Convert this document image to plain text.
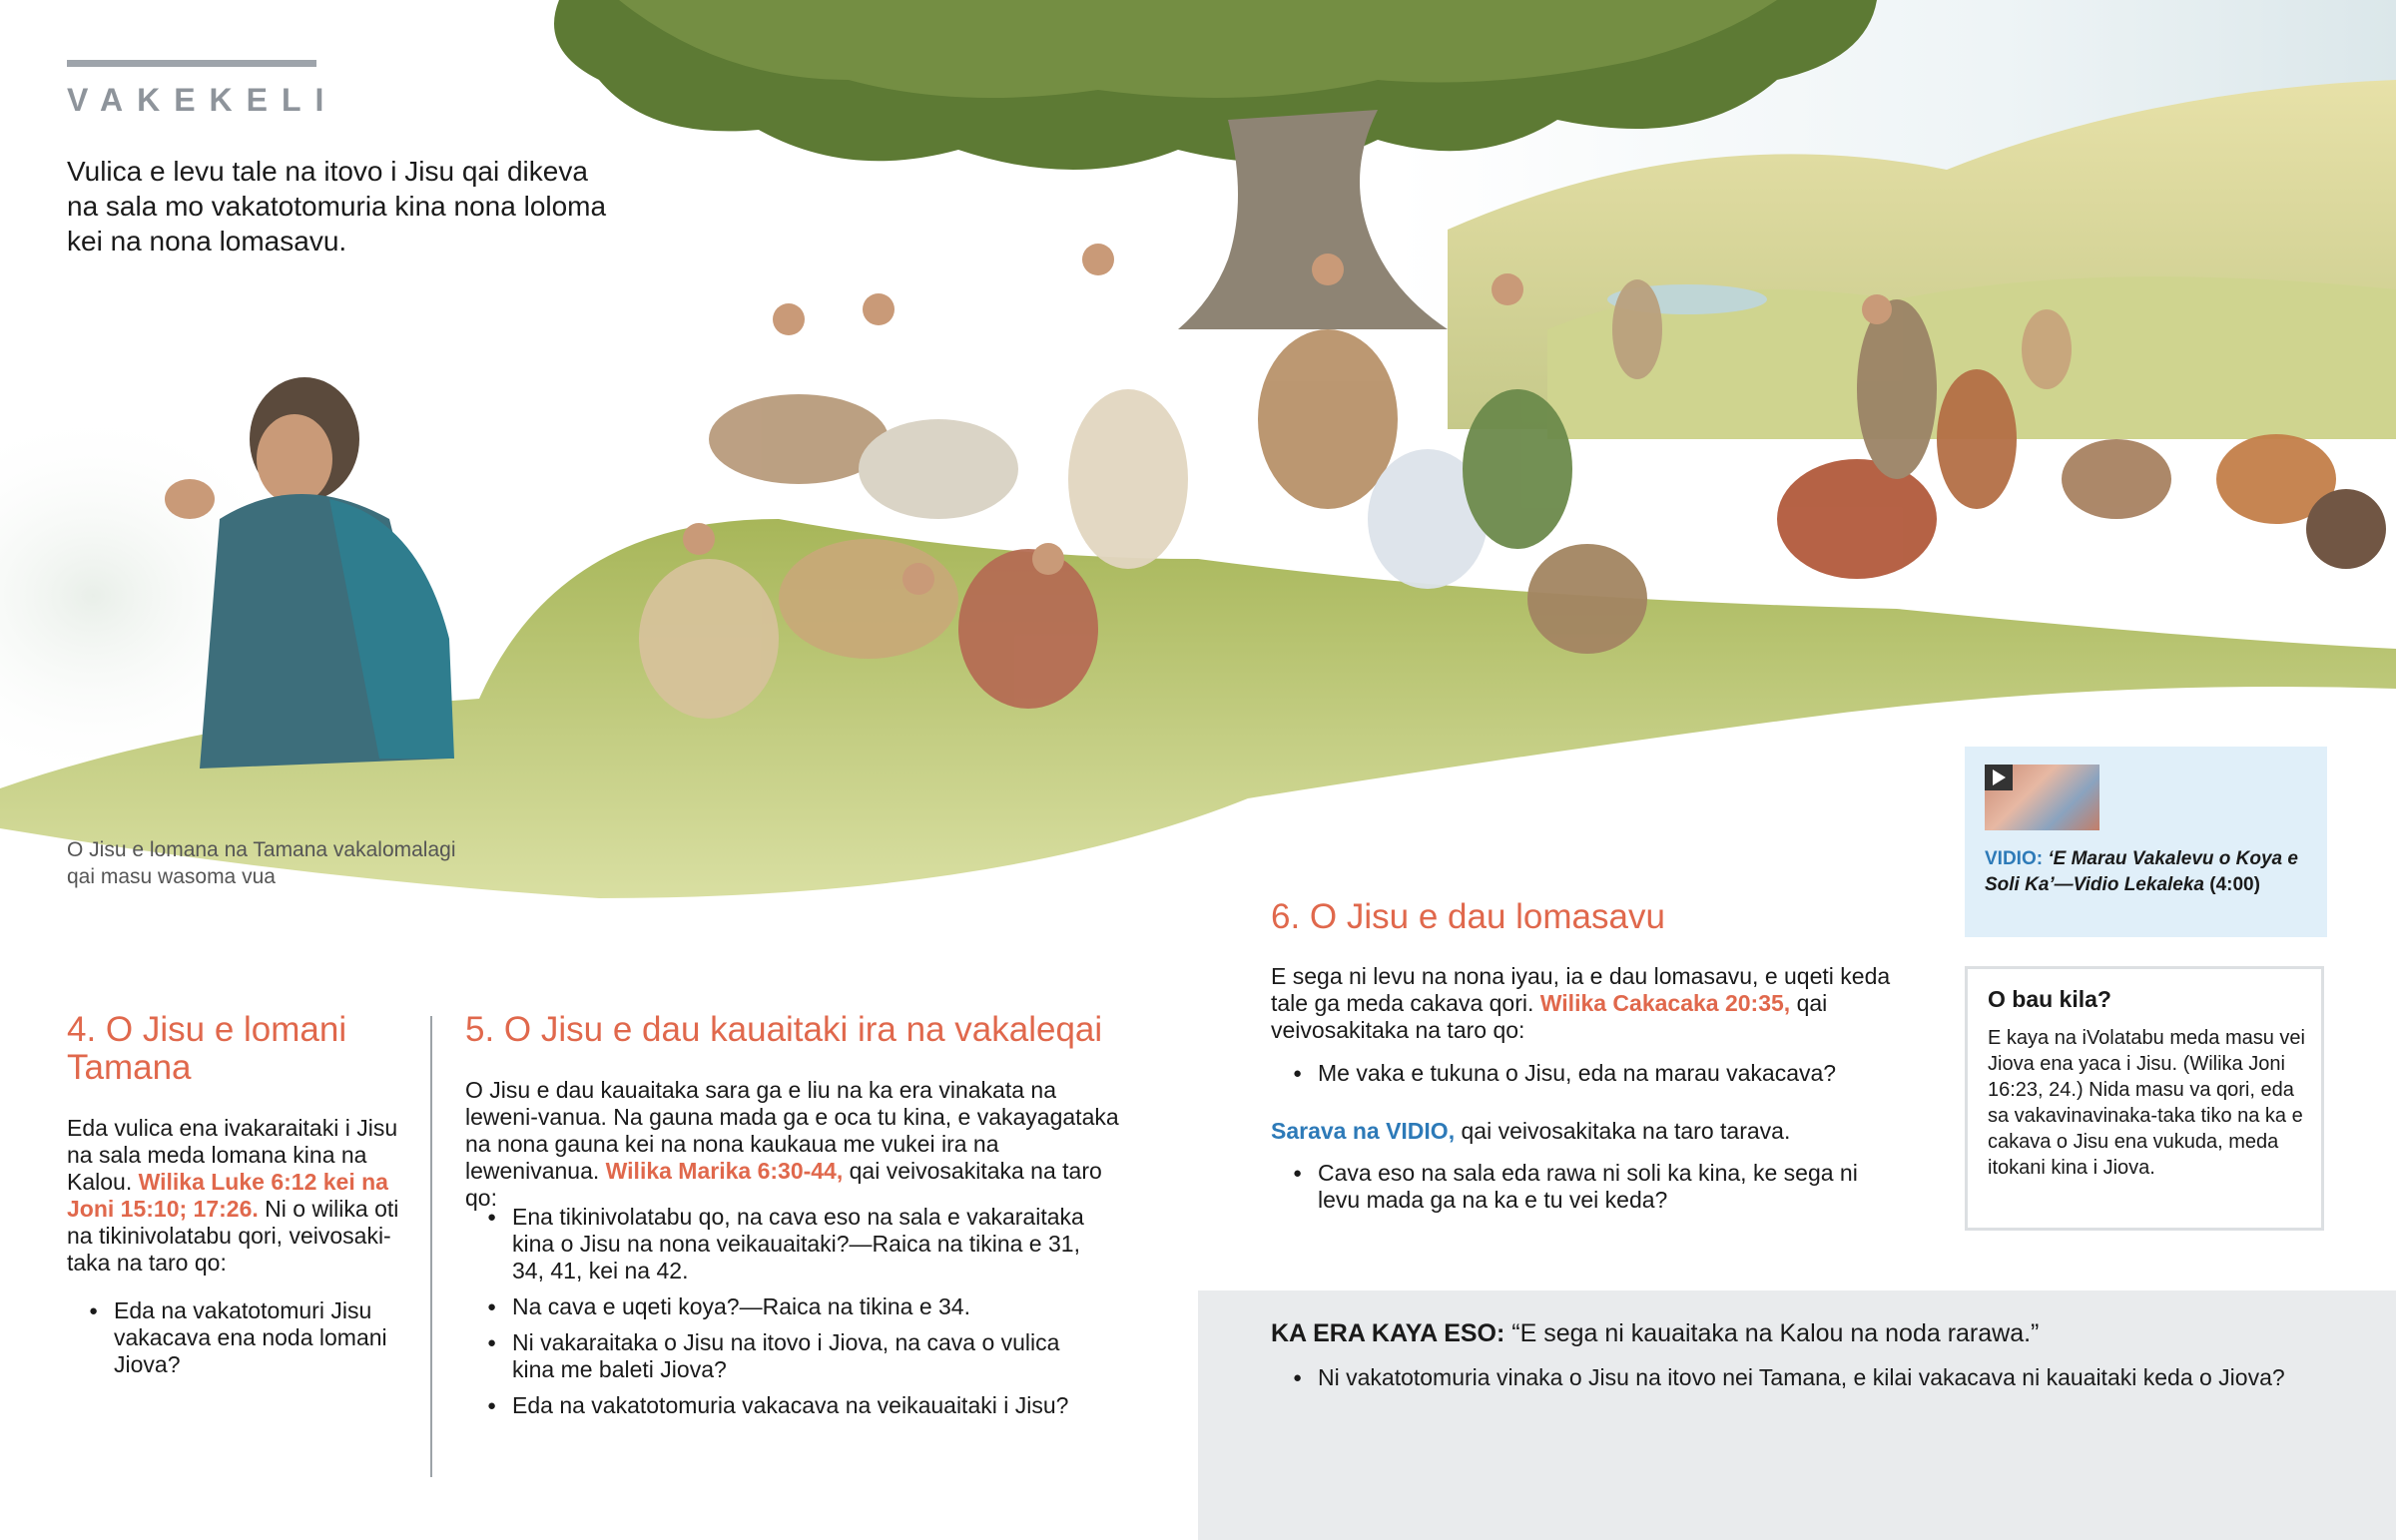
VAKEKELI
Vulica e levu tale na itovo i Jisu qai dikeva na sala mo vakatotomuria kina nona loloma kei na nona lomasavu.
O Jisu e lomana na Tamana vakalomalagi qai masu wasoma vua
4. O Jisu e lomani Tamana
Eda vulica ena ivakaraitaki i Jisu na sala meda lomana kina na Kalou. Wilika Luke 6:12 kei na Joni 15:10; 17:26. Ni o wilika oti na tikinivolatabu qori, veivosaki-taka na taro qo:
● Eda na vakatotomuri Jisu vakacava ena noda lomani Jiova?
5. O Jisu e dau kauaitaki ira na vakaleqai
O Jisu e dau kauaitaka sara ga e liu na ka era vinakata na leweni-vanua. Na gauna mada ga e oca tu kina, e vakayagataka na nona gauna kei na nona kaukaua me vukei ira na lewenivanua. Wilika Marika 6:30-44, qai veivosakitaka na taro qo:
● Ena tikinivolatabu qo, na cava eso na sala e vakaraitaka kina o Jisu na nona veikauaitaki?—Raica na tikina e 31, 34, 41, kei na 42.
● Na cava e uqeti koya?—Raica na tikina e 34.
● Ni vakaraitaka o Jisu na itovo i Jiova, na cava o vulica kina me baleti Jiova?
● Eda na vakatotomuria vakacava na veikauaitaki i Jisu?
6. O Jisu e dau lomasavu
E sega ni levu na nona iyau, ia e dau lomasavu, e uqeti keda tale ga meda cakava qori. Wilika Cakacaka 20:35, qai veivosakitaka na taro qo:
● Me vaka e tukuna o Jisu, eda na marau vakacava?
Sarava na VIDIO, qai veivosakitaka na taro tarava.
● Cava eso na sala eda rawa ni soli ka kina, ke sega ni levu mada ga na ka e tu vei keda?
VIDIO: ‘E Marau Vakalevu o Koya e Soli Ka’—Vidio Lekaleka (4:00)
O bau kila?
E kaya na iVolatabu meda masu vei Jiova ena yaca i Jisu. (Wilika Joni 16:23, 24.) Nida masu va qori, eda sa vakavinavinaka-taka tiko na ka e cakava o Jisu ena vukuda, meda itokani kina i Jiova.
KA ERA KAYA ESO: “E sega ni kauaitaka na Kalou na noda rarawa.”
● Ni vakatotomuria vinaka o Jisu na itovo nei Tamana, e kilai vakacava ni kauaitaki keda o Jiova?
